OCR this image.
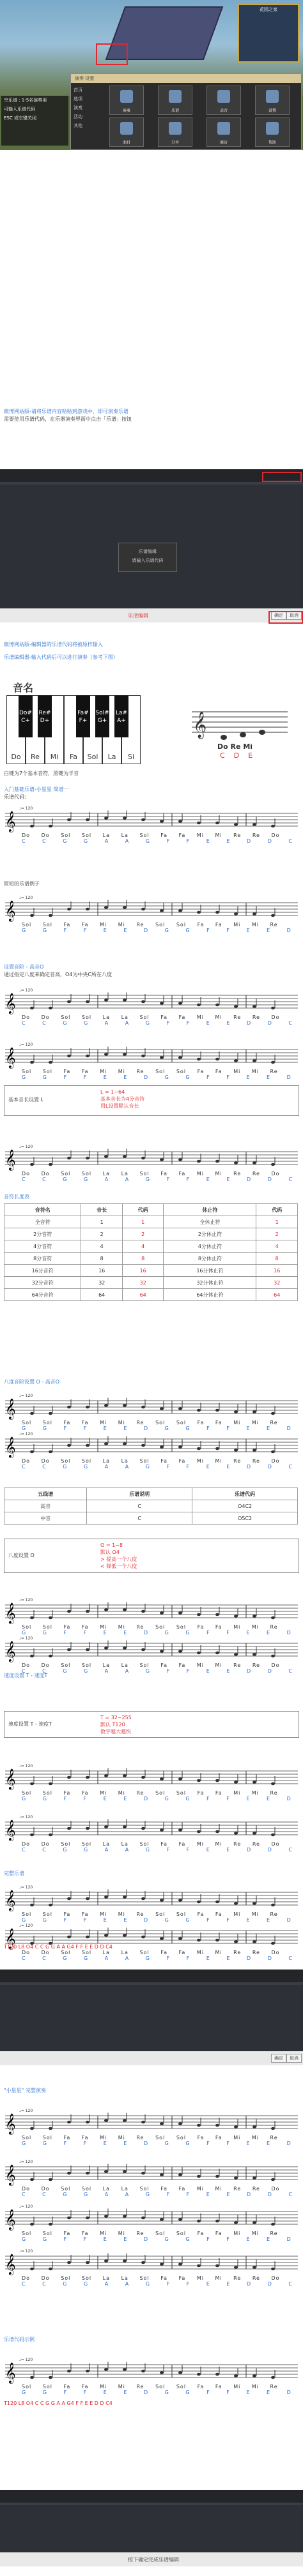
花园之家
空乐谱 : 1-5名演奏用
可输入乐谱代码
ESC 或右键关闭
演奏 设置
首页
选项
演奏
活动
其他
演奏	乐谱	录音	设置
曲目	分享	商店	帮助
微博网站版-请将乐谱内容粘贴到游戏中，即可演奏乐谱
需要使用乐谱代码，在乐器演奏界面中点击「乐谱」按钮
乐谱编辑
请输入乐谱代码
乐谱编辑	确定	取消
微博网站版-编辑器的乐谱代码将被原样输入
乐谱编辑器-输入代码后可以进行演奏（参考下图）
音名
Do	Re	Mi	Fa	Sol	La	Si
Do#
C+
Re#
D+
Fa#
F+
Sol#
G+
La#
A+	𝄞
Do Re Mi
C D E
白键为7个基本音符，黑键为半音
𝄞
♩= 120
Do Do Sol Sol La La Sol Fa Fa Mi Mi Re Re Do
C C G G A A G F F E E D D C
𝄞
♩= 120
Sol Sol Fa Fa Mi Mi Re Sol Sol Fa Fa Mi Mi Re
G G F F E E D G G F F E E D
𝄞
♩= 120
Do Do Sol Sol La La Sol Fa Fa Mi Mi Re Re Do
C C G G A A G F F E E D D C
𝄞
♩= 120
Sol Sol Fa Fa Mi Mi Re Sol Sol Fa Fa Mi Mi Re
G G F F E E D G G F F E E D
𝄞
♩= 120
Do Do Sol Sol La La Sol Fa Fa Mi Mi Re Re Do
C C G G A A G F F E E D D C
𝄞
♩= 120
Sol Sol Fa Fa Mi Mi Re Sol Sol Fa Fa Mi Mi Re
G G F F E E D G G F F E E D
𝄞
♩= 120
Do Do Sol Sol La La Sol Fa Fa Mi Mi Re Re Do
C C G G A A G F F E E D D C
𝄞
♩= 120
Sol Sol Fa Fa Mi Mi Re Sol Sol Fa Fa Mi Mi Re
G G F F E E D G G F F E E D
𝄞
♩= 120
Do Do Sol Sol La La Sol Fa Fa Mi Mi Re Re Do
C C G G A A G F F E E D D C
𝄞
♩= 120
Sol Sol Fa Fa Mi Mi Re Sol Sol Fa Fa Mi Mi Re
G G F F E E D G G F F E E D
𝄞
♩= 120
Do Do Sol Sol La La Sol Fa Fa Mi Mi Re Re Do
C C G G A A G F F E E D D C
𝄞
♩= 120
Sol Sol Fa Fa Mi Mi Re Sol Sol Fa Fa Mi Mi Re
G G F F E E D G G F F E E D
𝄞
♩= 120
Do Do Sol Sol La La Sol Fa Fa Mi Mi Re Re Do
C C G G A A G F F E E D D C
𝄞
♩= 120
Sol Sol Fa Fa Mi Mi Re Sol Sol Fa Fa Mi Mi Re
G G F F E E D G G F F E E D
𝄞
♩= 120
Do Do Sol Sol La La Sol Fa Fa Mi Mi Re Re Do
C C G G A A G F F E E D D C
𝄞
♩= 120
Sol Sol Fa Fa Mi Mi Re Sol Sol Fa Fa Mi Mi Re
G G F F E E D G G F F E E D
𝄞
♩= 120
Do Do Sol Sol La La Sol Fa Fa Mi Mi Re Re Do
C C G G A A G F F E E D D C
𝄞
♩= 120
Sol Sol Fa Fa Mi Mi Re Sol Sol Fa Fa Mi Mi Re
G G F F E E D G G F F E E D
入门基础乐谱-小星星 简谱一
乐谱代码：
简短的乐谱例子
设置音阶 - 高音O
通过指定八度来确定音高，O4为中央C所在八度
基本音长设置 L
L = 1~64
基本音长为4分音符
用L设置默认音长
音符长度表
音符名	音长	代码	休止符	代码
全音符	1	1	全休止符	1
2分音符	2	2	2分休止符	2
4分音符	4	4	4分休止符	4
8分音符	8	8	8分休止符	8
16分音符	16	16	16分休止符	16
32分音符	32	32	32分休止符	32
64分音符	64	64	64分休止符	64
八度音阶设置 O - 高音O
五线谱	乐谱说明	乐谱代码
高音	C	O4C2
中音	C	O5C2
八度设置 O
O = 1~8
默认 O4
> 提高一个八度
< 降低一个八度
速度设置 T - 速度T
速度设置 T - 速度T
T = 32~255
默认 T120
数字越大越快
完整乐谱
T120 L8 O4 C C G G A A G4 F F E E D D C4
确定	取消
"小星星" 完整演奏
乐谱代码示例
T120 L8 O4 C C G G A A G4 F F E E D D C4
按下确定完成乐谱编辑
